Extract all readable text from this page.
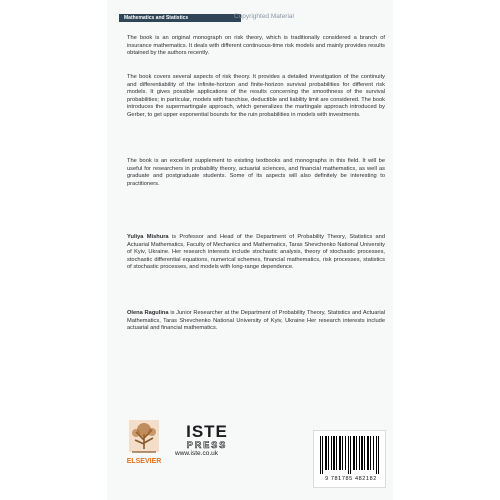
Mathematics and Statistics	Copyrighted Material

The book is an original monograph on risk theory, which is traditionally considered a branch of insurance mathematics. It deals with different continuous-time risk models and mainly provides results obtained by the authors recently.

The book covers several aspects of risk theory. It provides a detailed investigation of the continuity and differentiability of the infinite-horizon and finite-horizon survival probabilities for different risk models. It gives possible applications of the results concerning the smoothness of the survival probabilities; in particular, models with franchise, deductible and liability limit are considered. The book introduces the supermartingale approach, which generalizes the martingale approach introduced by Gerber, to get upper exponential bounds for the ruin probabilities in models with investments.

The book is an excellent supplement to existing textbooks and monographs in this field. It will be useful for researchers in probability theory, actuarial sciences, and financial mathematics, as well as graduate and postgraduate students. Some of its aspects will also definitely be interesting to practitioners.

Yuliya Mishura is Professor and Head of the Department of Probability Theory, Statistics and Actuarial Mathematics, Faculty of Mechanics and Mathematics, Taras Shevchenko National University of Kyiv, Ukraine. Her research interests include stochastic analysis, theory of stochastic processes, stochastic differential equations, numerical schemes, financial mathematics, risk processes, statistics of stochastic processes, and models with long-range dependence.

Olena Ragulina is Junior Researcher at the Department of Probability Theory, Statistics and Actuarial Mathematics, Taras Shevchenko National University of Kyiv, Ukraine Her research interests include actuarial and financial mathematics.

ELSEVIER
ISTE
PRESS
www.iste.co.uk
9 781785 482182
